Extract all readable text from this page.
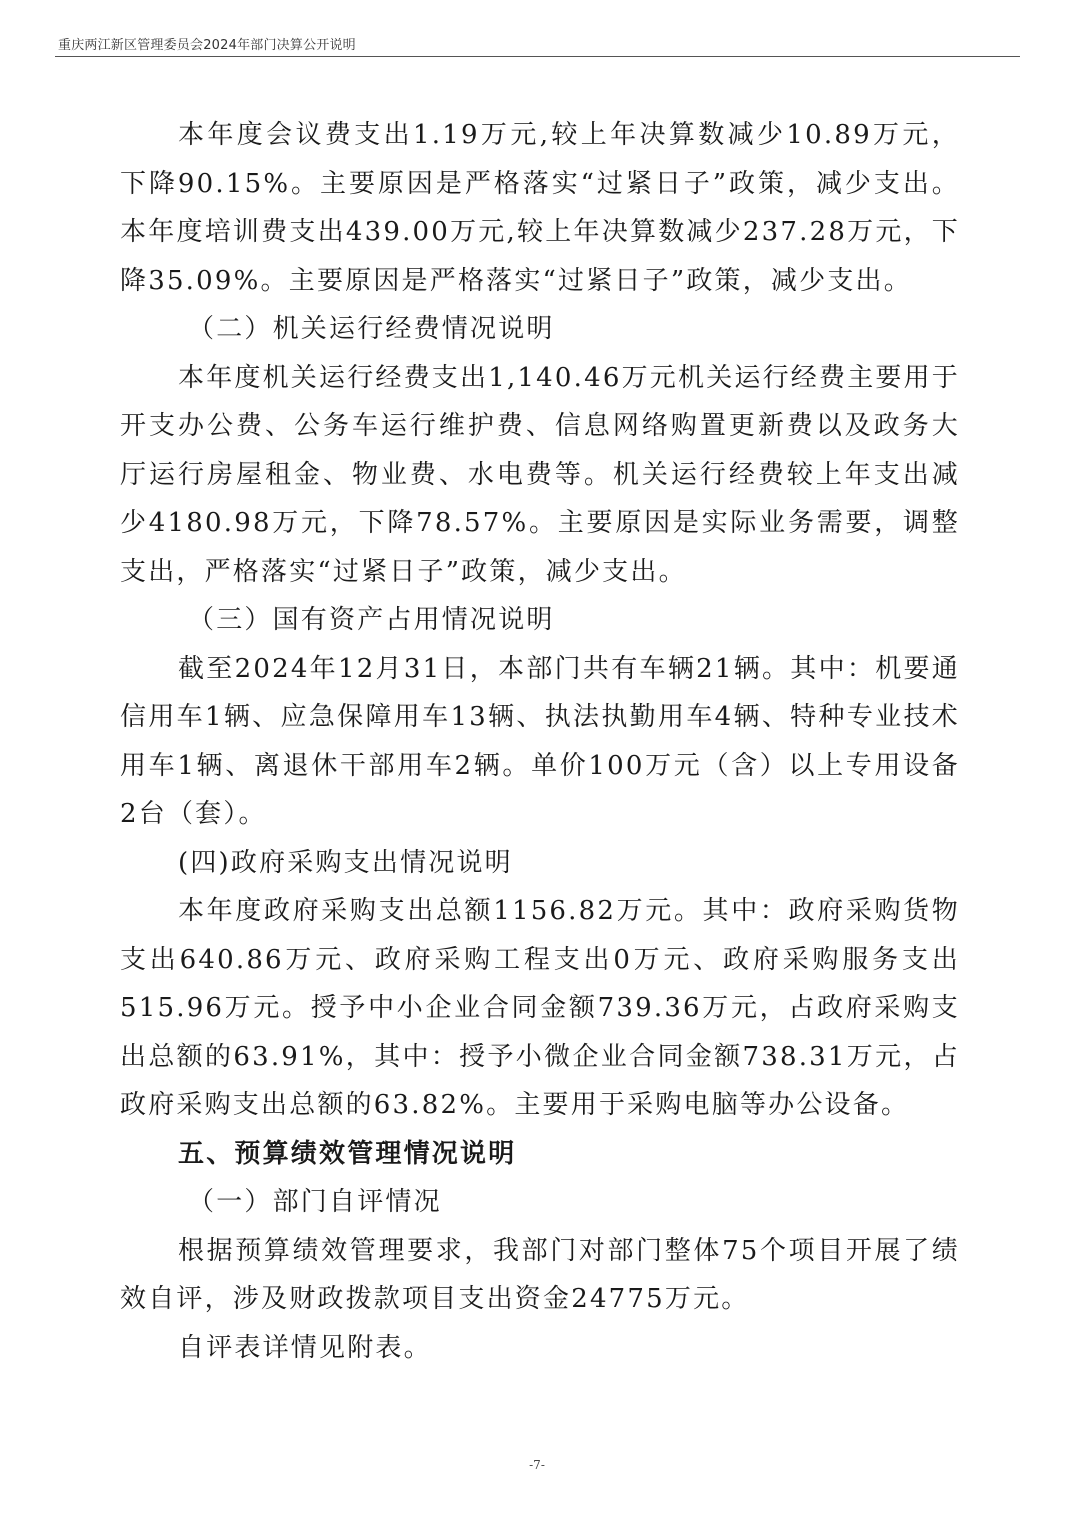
重庆两江新区管理委员会2024年部门决算公开说明

本年度会议费支出1.19万元,较上年决算数减少10.89万元，下降90.15%。主要原因是严格落实“过紧日子”政策，减少支出。本年度培训费支出439.00万元,较上年决算数减少237.28万元，下降35.09%。主要原因是严格落实“过紧日子”政策，减少支出。

（二）机关运行经费情况说明

本年度机关运行经费支出1,140.46万元机关运行经费主要用于开支办公费、公务车运行维护费、信息网络购置更新费以及政务大厅运行房屋租金、物业费、水电费等。机关运行经费较上年支出减少4180.98万元，下降78.57%。主要原因是实际业务需要，调整支出，严格落实“过紧日子”政策，减少支出。

（三）国有资产占用情况说明

截至2024年12月31日，本部门共有车辆21辆。其中：机要通信用车1辆、应急保障用车13辆、执法执勤用车4辆、特种专业技术用车1辆、离退休干部用车2辆。单价100万元（含）以上专用设备2台（套）。

(四)政府采购支出情况说明

本年度政府采购支出总额1156.82万元。其中：政府采购货物支出640.86万元、政府采购工程支出0万元、政府采购服务支出515.96万元。授予中小企业合同金额739.36万元，占政府采购支出总额的63.91%，其中：授予小微企业合同金额738.31万元，占政府采购支出总额的63.82%。主要用于采购电脑等办公设备。

五、预算绩效管理情况说明

（一）部门自评情况

根据预算绩效管理要求，我部门对部门整体75个项目开展了绩效自评，涉及财政拨款项目支出资金24775万元。

自评表详情见附表。

-7-
